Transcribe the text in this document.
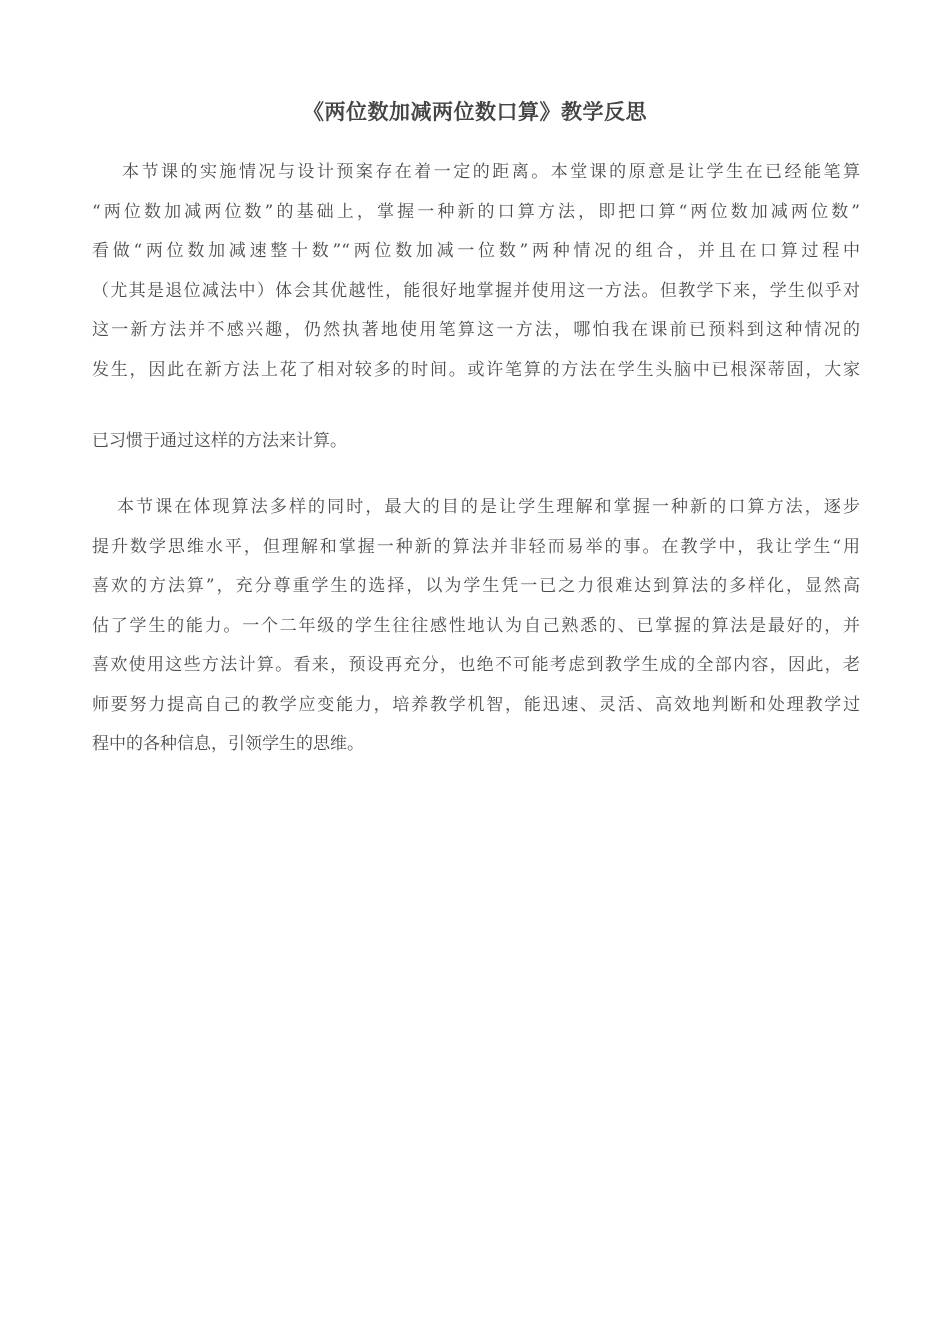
《两位数加减两位数口算》教学反思
本节课的实施情况与设计预案存在着一定的距离。本堂课的原意是让学生在已经能笔算
“两位数加减两位数”的基础上，掌握一种新的口算方法，即把口算“两位数加减两位数”
看做“两位数加减速整十数”“两位数加减一位数”两种情况的组合，并且在口算过程中
（尤其是退位减法中）体会其优越性，能很好地掌握并使用这一方法。但教学下来，学生似乎对
这一新方法并不感兴趣，仍然执著地使用笔算这一方法，哪怕我在课前已预料到这种情况的
发生，因此在新方法上花了相对较多的时间。或许笔算的方法在学生头脑中已根深蒂固，大家
已习惯于通过这样的方法来计算。
本节课在体现算法多样的同时，最大的目的是让学生理解和掌握一种新的口算方法，逐步
提升数学思维水平，但理解和掌握一种新的算法并非轻而易举的事。在教学中，我让学生“用
喜欢的方法算”，充分尊重学生的选择，以为学生凭一已之力很难达到算法的多样化，显然高
估了学生的能力。一个二年级的学生往往感性地认为自己熟悉的、已掌握的算法是最好的，并
喜欢使用这些方法计算。看来，预设再充分，也绝不可能考虑到教学生成的全部内容，因此，老
师要努力提高自己的教学应变能力，培养教学机智，能迅速、灵活、高效地判断和处理教学过
程中的各种信息，引领学生的思维。
